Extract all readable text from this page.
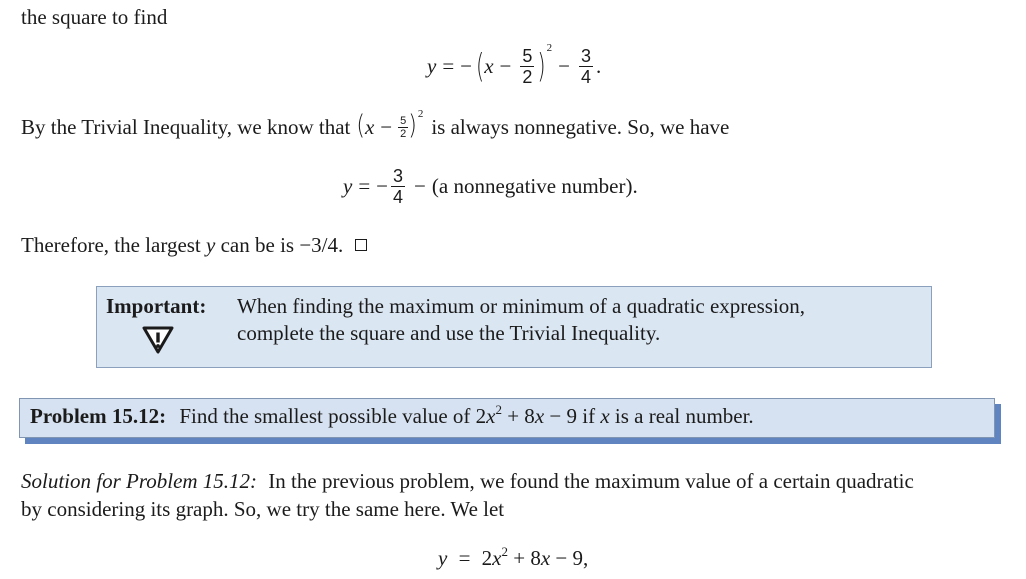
the square to find
y = − ( $x - \frac{5}{2}$ ) 2
− $\frac{3}{4}$ .
By the Trivial Inequality, we know that ( $x - \frac{5}{2}$ ) 2
is always nonnegative. So, we have
y = − $\frac{3}{4} - (a$ nonnegative number).
Therefore, the largest y can be is −3/4.
Important: When finding the maximum or minimum of a quadratic expression,
complete the square and use the Trivial Inequality.
Problem 15.12: Find the smallest possible value of $2x^2 + 8x - 9$ if x is a real number.
Solution for Problem 15.12: In the previous problem, we found the maximum value of a certain quadratic
by considering its graph. So, we try the same here. We let
$y = 2x^2 + 8x - 9$,
